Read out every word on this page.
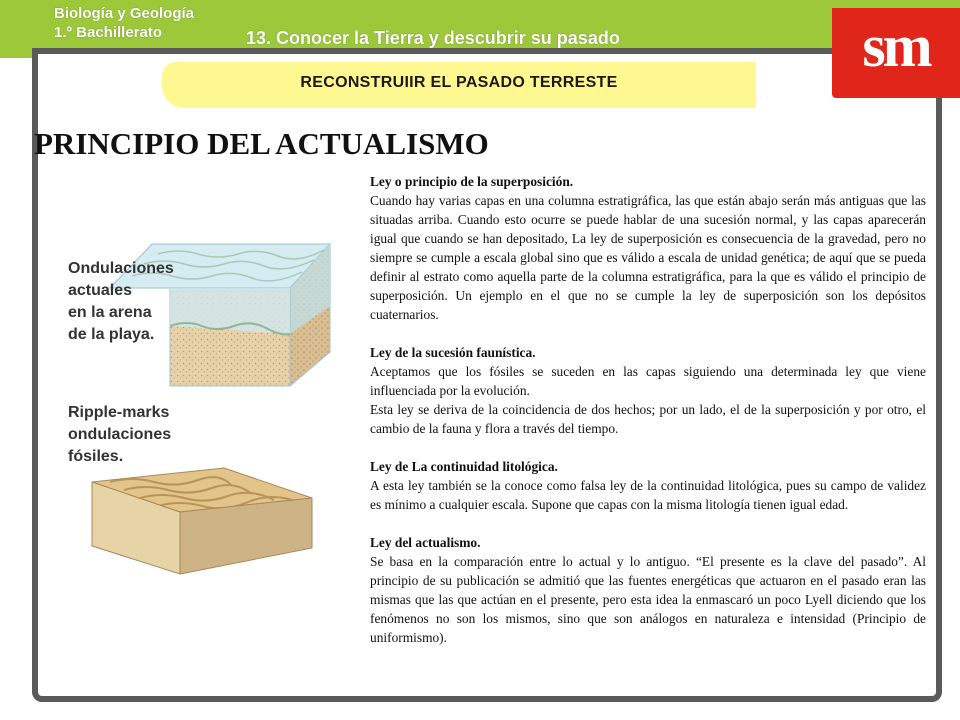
Biología y Geología
1.º Bachillerato	13. Conocer la Tierra y descubrir su pasado	sm
RECONSTRUIIR EL PASADO TERRESTE
PRINCIPIO DEL ACTUALISMO
Ondulaciones
actuales
en la arena
de la playa.
Ripple-marks
ondulaciones
fósiles.
Ley o principio de la superposición.

Cuando hay varias capas en una columna estratigráfica, las que están abajo serán más antiguas que las situadas arriba. Cuando esto ocurre se puede hablar de una sucesión normal, y las capas aparecerán igual que cuando se han depositado, La ley de superposición es consecuencia de la gravedad, pero no siempre se cumple a escala global sino que es válido a escala de unidad genética; de aquí que se pueda definir al estrato como aquella parte de la columna estratigráfica, para la que es válido el principio de superposición. Un ejemplo en el que no se cumple la ley de superposición son los depósitos cuaternarios.

Ley de la sucesión faunística.

Aceptamos que los fósiles se suceden en las capas siguiendo una determinada ley que viene influenciada por la evolución.

Esta ley se deriva de la coincidencia de dos hechos; por un lado, el de la superposición y por otro, el cambio de la fauna y flora a través del tiempo.

Ley de La continuidad litológica.

A esta ley también se la conoce como falsa ley de la continuidad litológica, pues su campo de validez es mínimo a cualquier escala. Supone que capas con la misma litología tienen igual edad.

Ley del actualismo.

Se basa en la comparación entre lo actual y lo antiguo. “El presente es la clave del pasado”. Al principio de su publicación se admitió que las fuentes energéticas que actuaron en el pasado eran las mismas que las que actúan en el presente, pero esta idea la enmascaró un poco Lyell diciendo que los fenómenos no son los mismos, sino que son análogos en naturaleza e intensidad (Principio de uniformismo).
